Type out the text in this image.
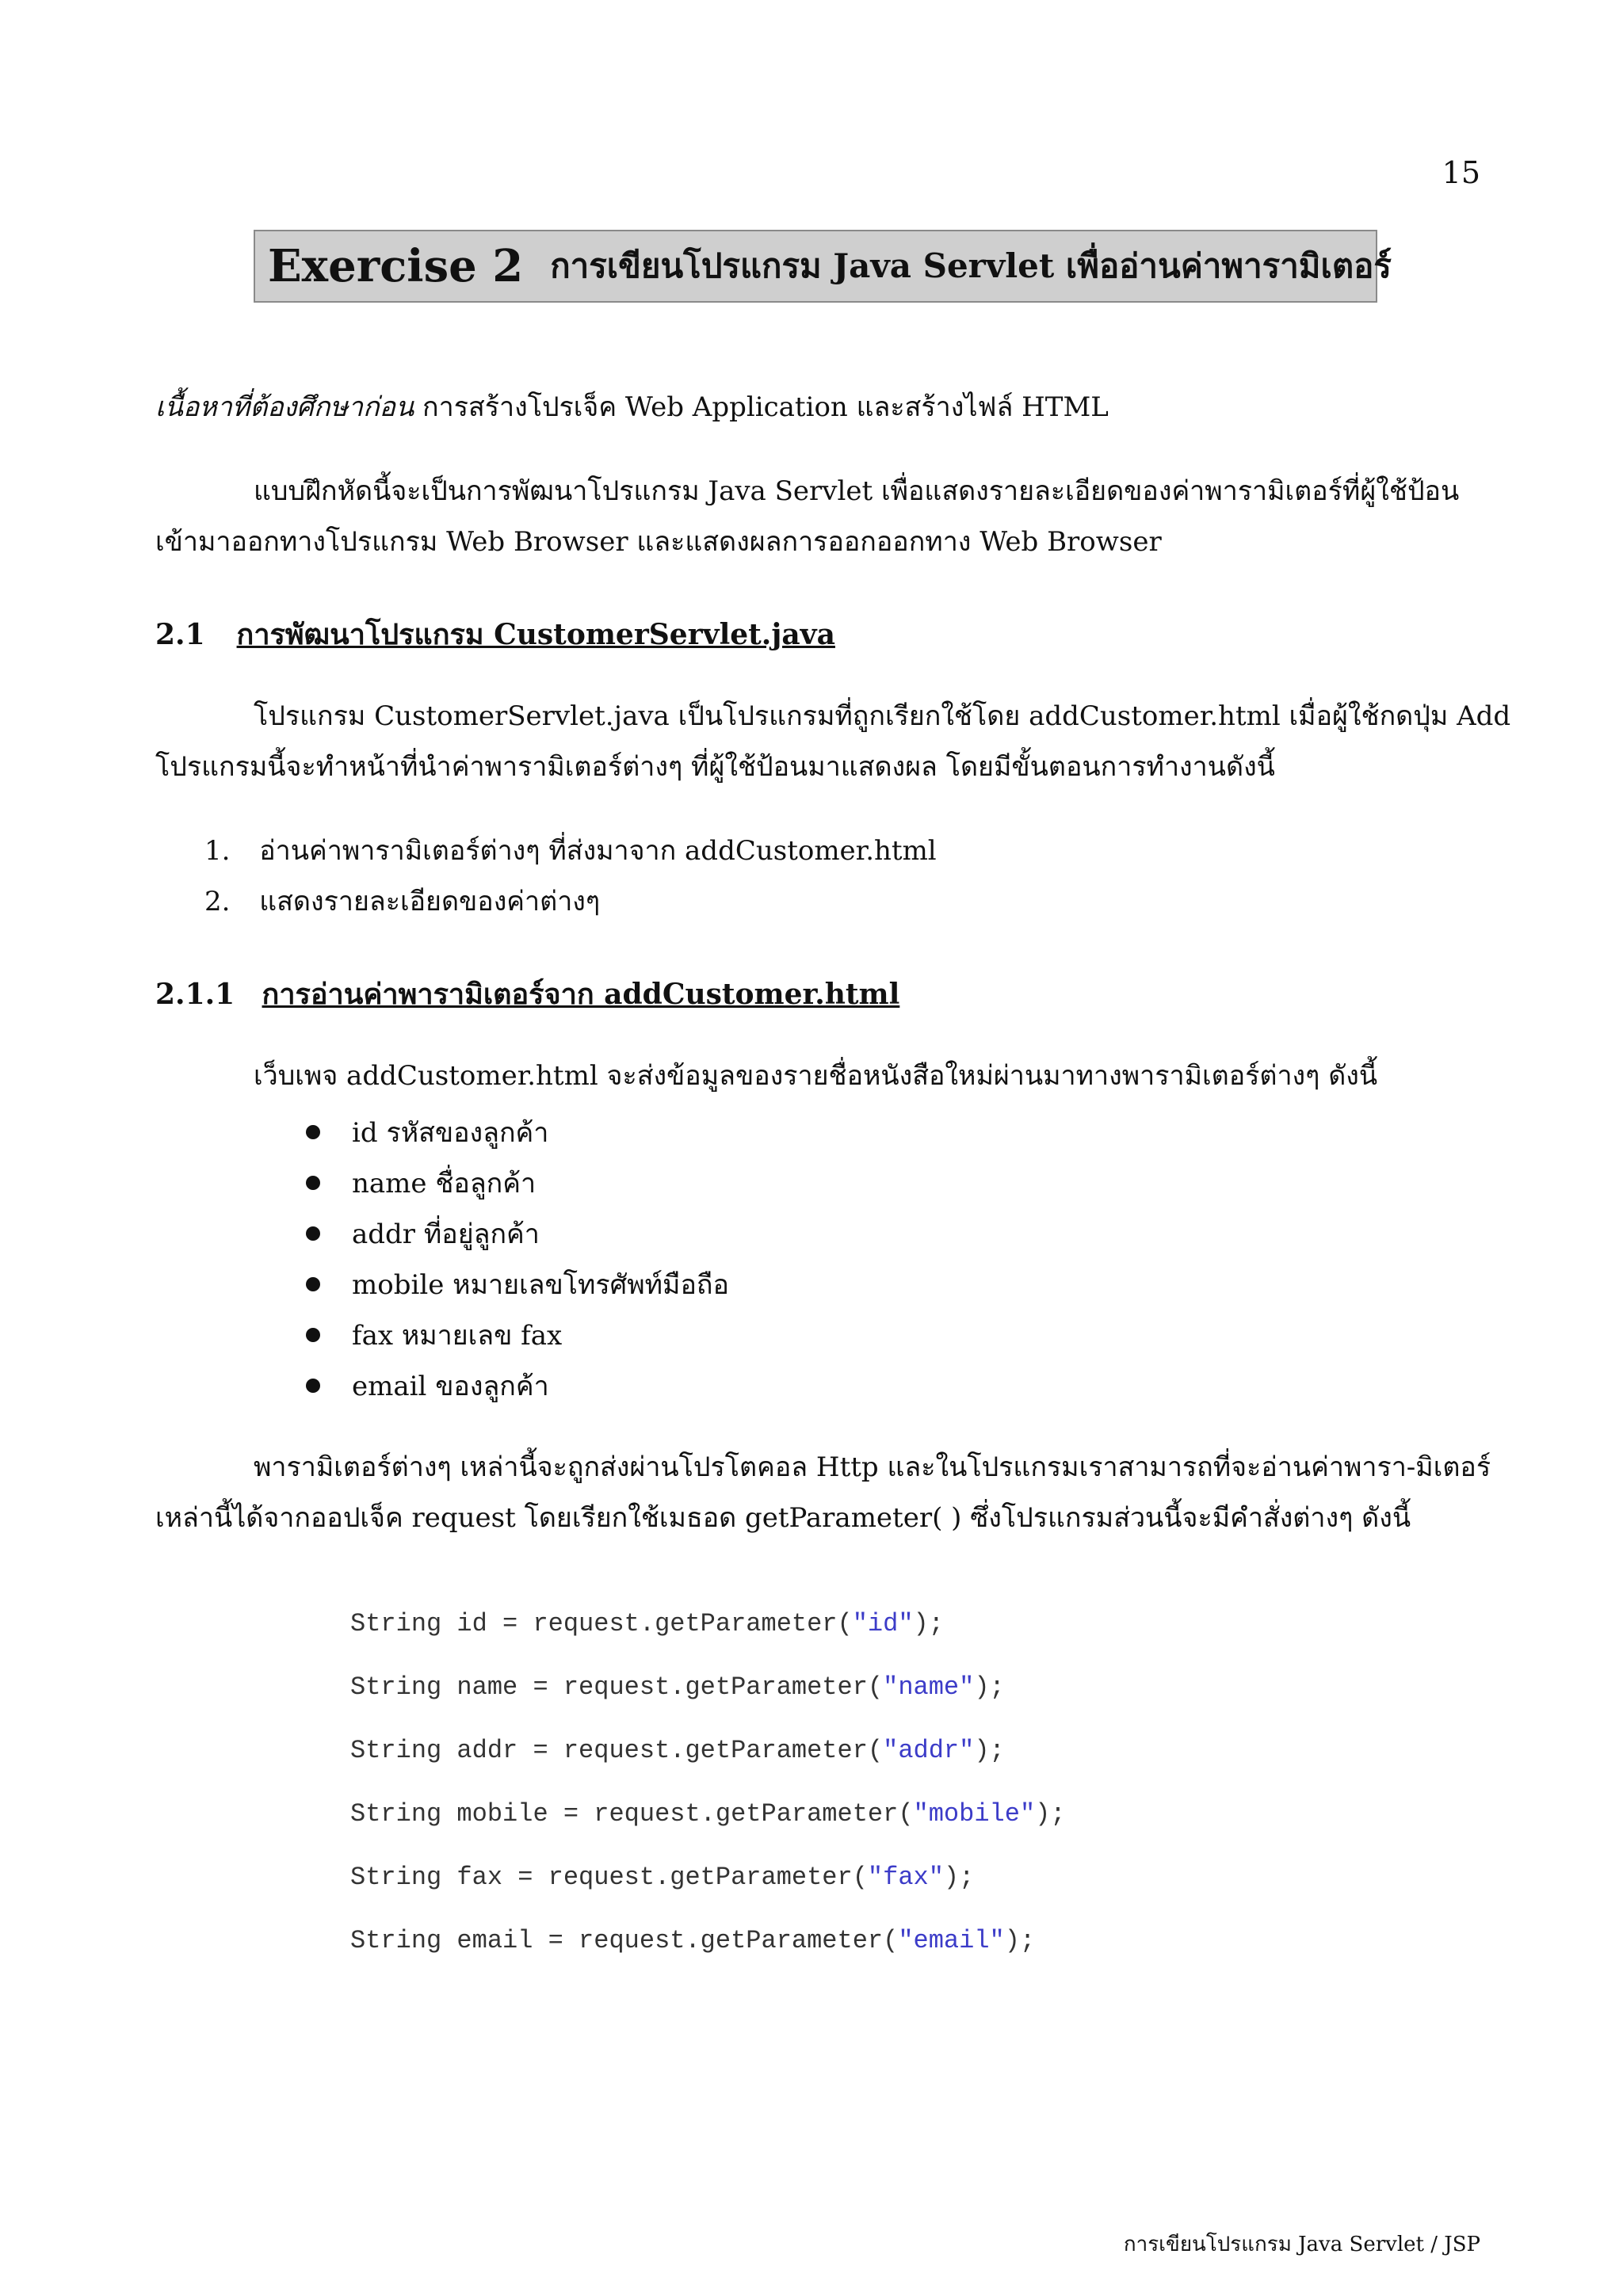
15
Exercise 2 การเขียนโปรแกรม Java Servlet เพื่ออ่านค่าพารามิเตอร์
เนื้อหาที่ต้องศึกษาก่อน การสร้างโปรเจ็ค Web Application และสร้างไฟล์ HTML
แบบฝึกหัดนี้จะเป็นการพัฒนาโปรแกรม Java Servlet เพื่อแสดงรายละเอียดของค่าพารามิเตอร์ที่ผู้ใช้ป้อน
เข้ามาออกทางโปรแกรม Web Browser และแสดงผลการออกออกทาง Web Browser
2.1 การพัฒนาโปรแกรม CustomerServlet.java
โปรแกรม CustomerServlet.java เป็นโปรแกรมที่ถูกเรียกใช้โดย addCustomer.html เมื่อผู้ใช้กดปุ่ม Add
โปรแกรมนี้จะทำหน้าที่นำค่าพารามิเตอร์ต่างๆ ที่ผู้ใช้ป้อนมาแสดงผล โดยมีขั้นตอนการทำงานดังนี้
1. อ่านค่าพารามิเตอร์ต่างๆ ที่ส่งมาจาก addCustomer.html
2. แสดงรายละเอียดของค่าต่างๆ
2.1.1 การอ่านค่าพารามิเตอร์จาก addCustomer.html
เว็บเพจ addCustomer.html จะส่งข้อมูลของรายชื่อหนังสือใหม่ผ่านมาทางพารามิเตอร์ต่างๆ ดังนี้
id รหัสของลูกค้า
name ชื่อลูกค้า
addr ที่อยู่ลูกค้า
mobile หมายเลขโทรศัพท์มือถือ
fax หมายเลข fax
email ของลูกค้า
พารามิเตอร์ต่างๆ เหล่านี้จะถูกส่งผ่านโปรโตคอล Http และในโปรแกรมเราสามารถที่จะอ่านค่าพารา-มิเตอร์
เหล่านี้ได้จากออปเจ็ค request โดยเรียกใช้เมธอด getParameter( ) ซึ่งโปรแกรมส่วนนี้จะมีคำสั่งต่างๆ ดังนี้

String id = request.getParameter("id");

String name = request.getParameter("name");

String addr = request.getParameter("addr");

String mobile = request.getParameter("mobile");

String fax = request.getParameter("fax");

String email = request.getParameter("email");

การเขียนโปรแกรม Java Servlet / JSP
